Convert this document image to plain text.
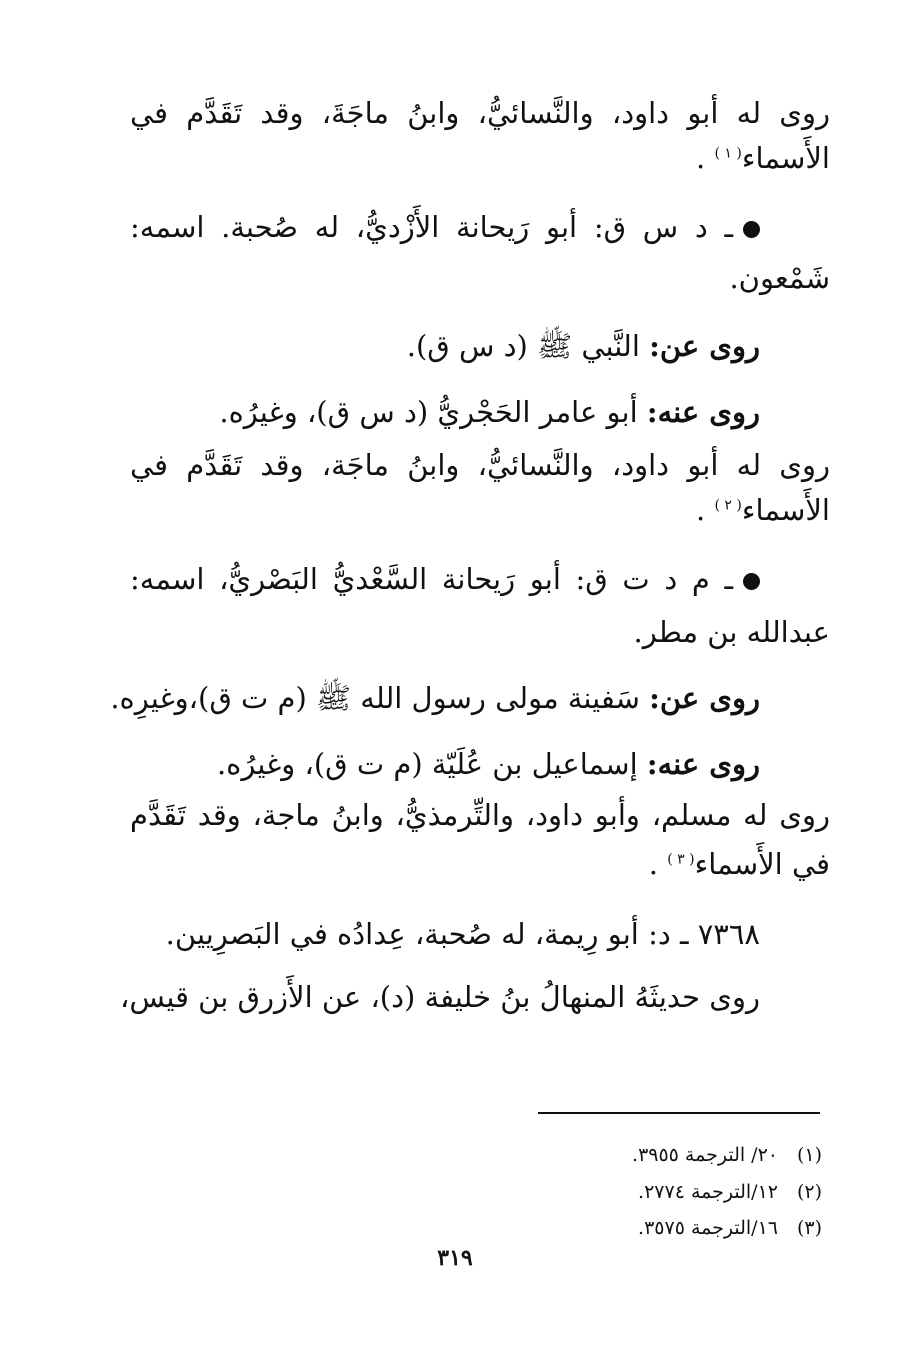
روى له أبو داود، والنَّسائيُّ، وابنُ ماجَةَ، وقد تَقَدَّم في
الأَسماء$^{( ١ )}$ .
ـ د س ق: أبو رَيحانة الأَزْديُّ، له صُحبة. اسمه:
شَمْعون.
روى عن: النَّبي ﷺ (د س ق).
روى عنه: أبو عامر الحَجْريُّ (د س ق)، وغيرُه.
روى له أبو داود، والنَّسائيُّ، وابنُ ماجَة، وقد تَقَدَّم في
الأَسماء$^{( ٢ )}$ .
ـ م د ت ق: أبو رَيحانة السَّعْديُّ البَصْريُّ، اسمه:
عبدالله بن مطر.
روى عن: سَفينة مولى رسول الله ﷺ (م ت ق)،وغيرِه.
روى عنه: إسماعيل بن عُلَيّة (م ت ق)، وغيرُه.
روى له مسلم، وأبو داود، والتِّرمذيُّ، وابنُ ماجة، وقد تَقَدَّم
في الأَسماء$^{( ٣ )}$ .
٧٣٦٨ ـ د: أبو رِيمة، له صُحبة، عِدادُه في البَصرِيين.
روى حديثَهُ المنهالُ بنُ خليفة (د)، عن الأَزرق بن قيس،
(١)٢٠/ الترجمة ٣٩٥٥.
(٢)١٢/الترجمة ٢٧٧٤.
(٣)١٦/الترجمة ٣٥٧٥.
٣١٩
